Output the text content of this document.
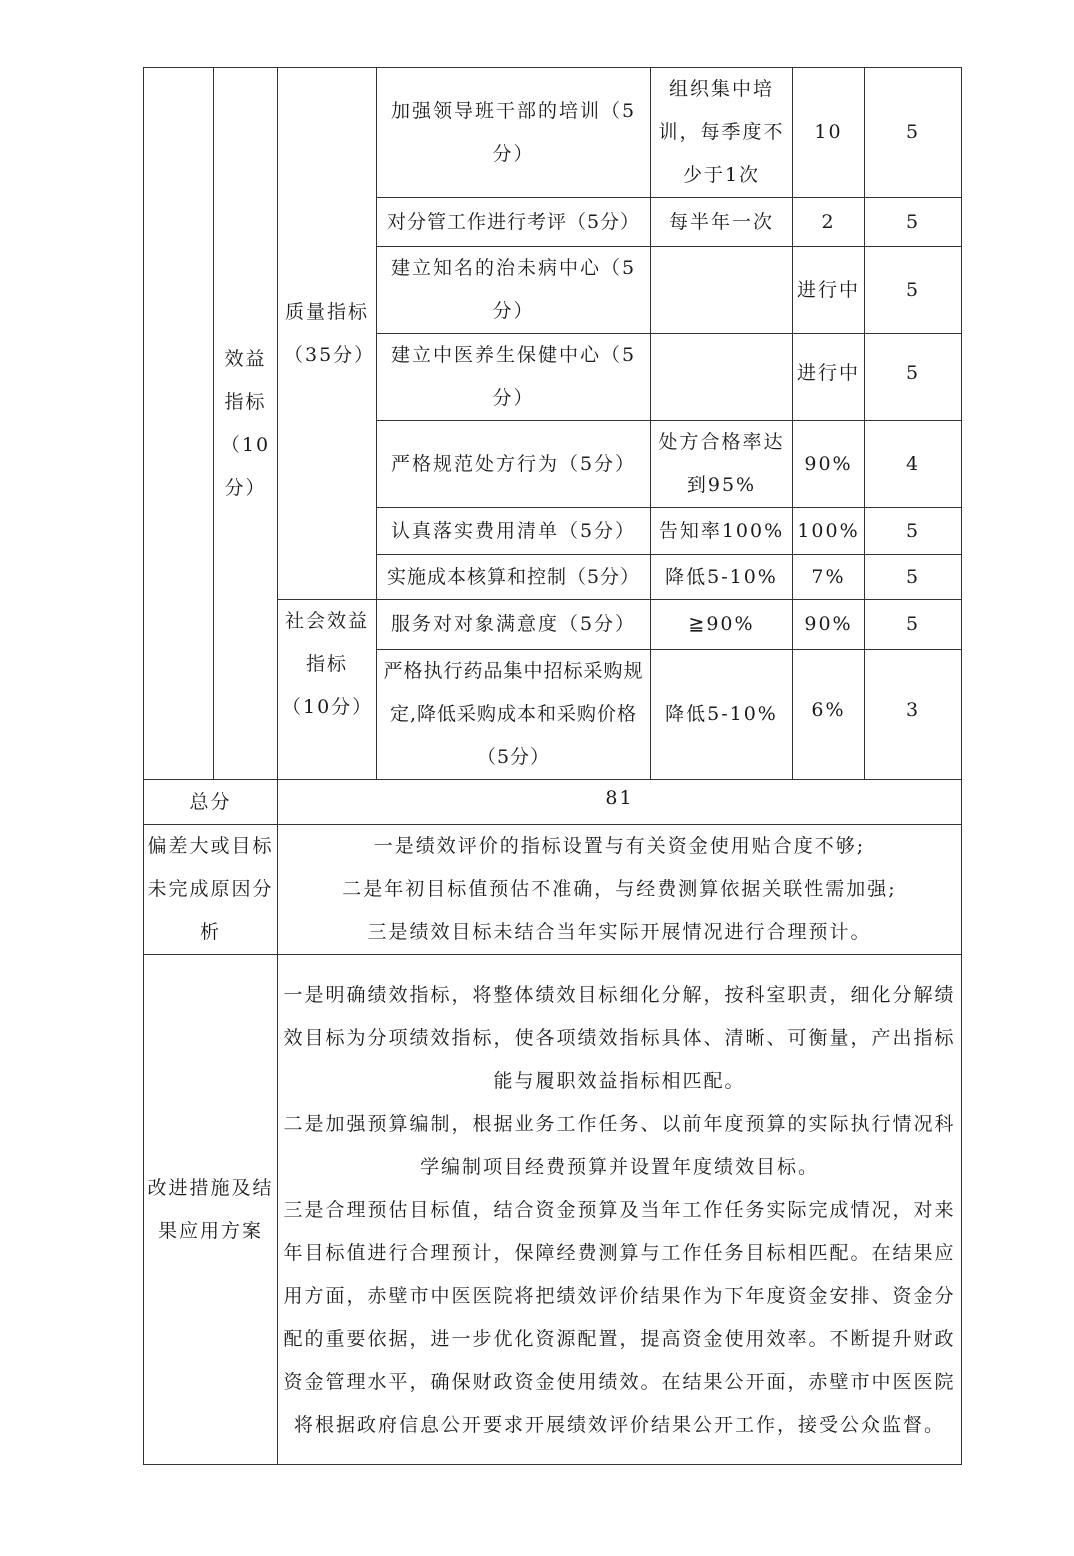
	效益指标（10分）	质量指标（35分）	加强领导班干部的培训（5分）	组织集中培训，每季度不少于1次	10	5
			对分管工作进行考评（5分）	每半年一次	2	5
			建立知名的治未病中心（5分）		进行中	5
			建立中医养生保健中心（5分）		进行中	5
			严格规范处方行为（5分）	处方合格率达到95%	90%	4
			认真落实费用清单（5分）	告知率100%	100%	5
			实施成本核算和控制（5分）	降低5-10%	7%	5
		社会效益指标（10分）	服务对对象满意度（5分）	≧90%	90%	5
			严格执行药品集中招标采购规定,降低采购成本和采购价格（5分）	降低5-10%	6%	3
总分		81				
偏差大或目标未完成原因分析		一是绩效评价的指标设置与有关资金使用贴合度不够;
二是年初目标值预估不准确，与经费测算依据关联性需加强;
三是绩效目标未结合当年实际开展情况进行合理预计。				

改进措施及结果应用方案		一是明确绩效指标，将整体绩效目标细化分解，按科室职责，细化分解绩效目标为分项绩效指标，使各项绩效指标具体、清晰、可衡量，产出指标能与履职效益指标相匹配。
二是加强预算编制，根据业务工作任务、以前年度预算的实际执行情况科学编制项目经费预算并设置年度绩效目标。
三是合理预估目标值，结合资金预算及当年工作任务实际完成情况，对来年目标值进行合理预计，保障经费测算与工作任务目标相匹配。在结果应用方面，赤壁市中医医院将把绩效评价结果作为下年度资金安排、资金分配的重要依据，进一步优化资源配置，提高资金使用效率。不断提升财政资金管理水平，确保财政资金使用绩效。在结果公开面，赤壁市中医医院将根据政府信息公开要求开展绩效评价结果公开工作，接受公众监督。				
